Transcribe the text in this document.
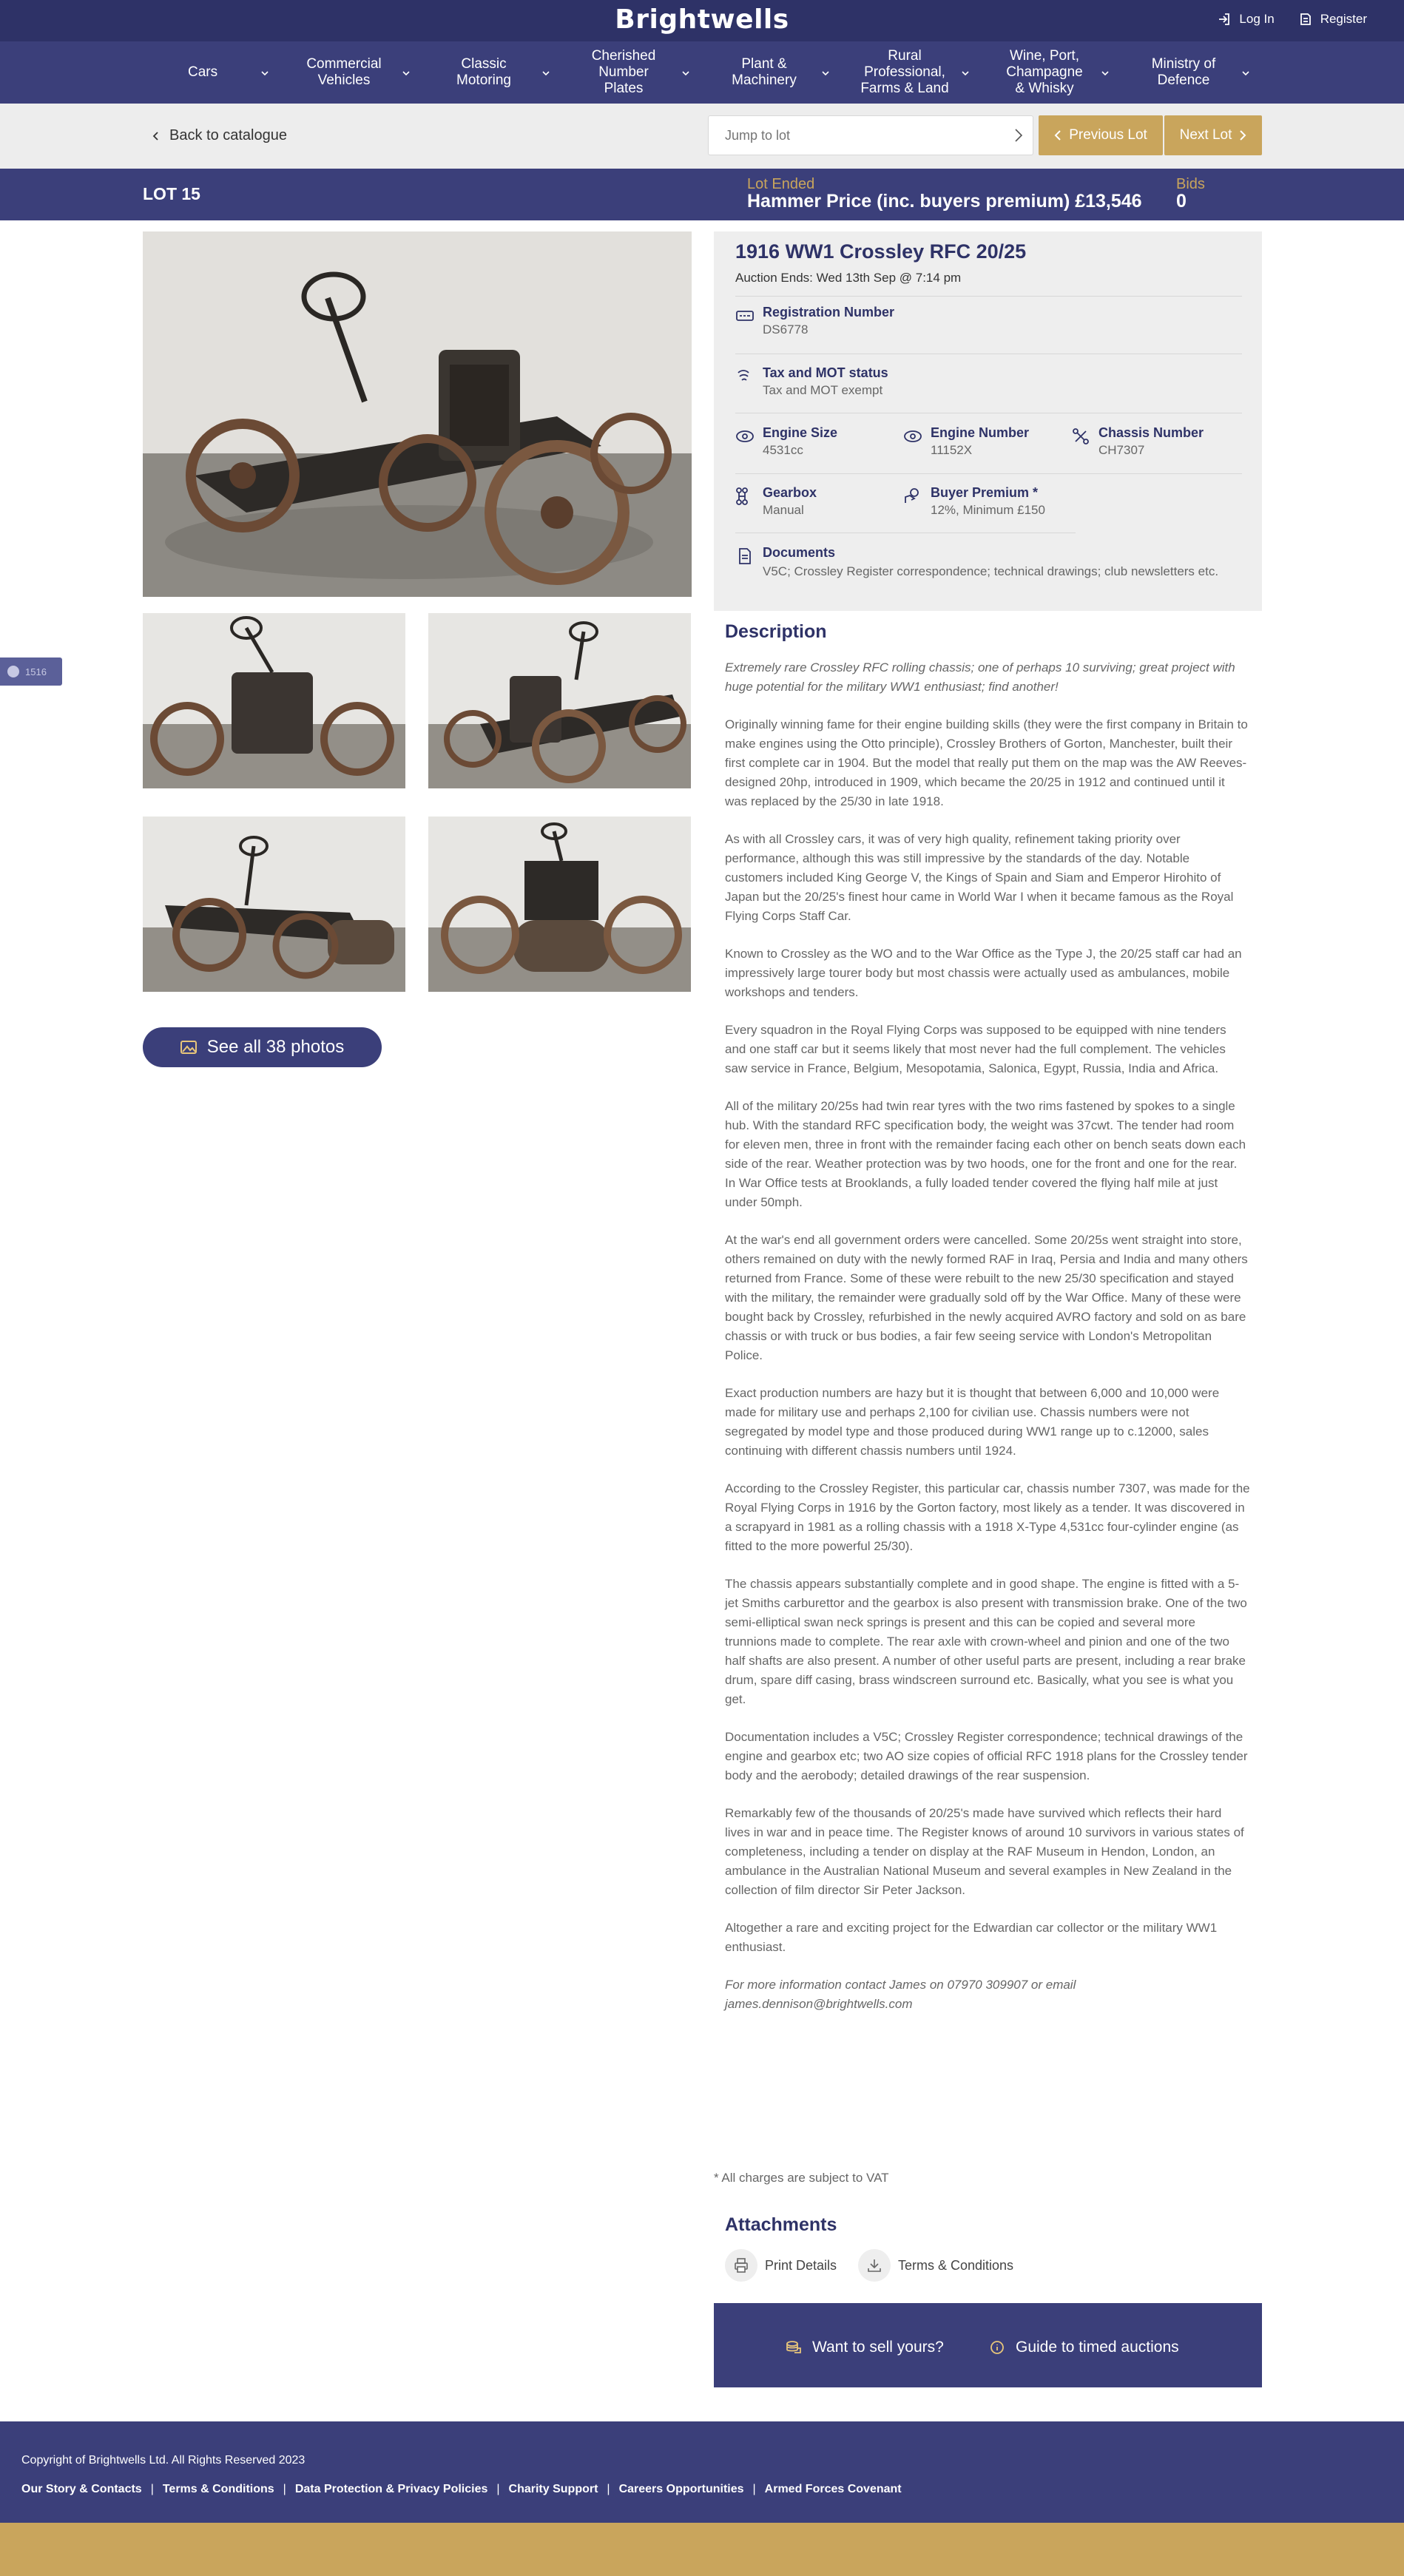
Brightwells	Log In	Register
Cars
Commercial Vehicles
Classic Motoring
Cherished Number Plates
Plant & Machinery
Rural Professional, Farms & Land
Wine, Port, Champagne & Whisky
Ministry of Defence
Back to catalogue
Jump to lot	Previous Lot Next Lot
LOT 15	Lot Ended
Hammer Price (inc. buyers premium) £13,546
Bids
0
See all 38 photos
1516
1916 WW1 Crossley RFC 20/25
Auction Ends: Wed 13th Sep @ 7:14 pm
Registration Number
DS6778
Tax and MOT status
Tax and MOT exempt
Engine Size
4531cc
Engine Number
11152X
Chassis Number
CH7307
Gearbox
Manual
Buyer Premium *
12%, Minimum £150
Documents
V5C; Crossley Register correspondence; technical drawings; club newsletters etc.
Description

Extremely rare Crossley RFC rolling chassis; one of perhaps 10 surviving; great project with huge potential for the military WW1 enthusiast; find another!

Originally winning fame for their engine building skills (they were the first company in Britain to make engines using the Otto principle), Crossley Brothers of Gorton, Manchester, built their first complete car in 1904. But the model that really put them on the map was the AW Reeves-designed 20hp, introduced in 1909, which became the 20/25 in 1912 and continued until it was replaced by the 25/30 in late 1918.

As with all Crossley cars, it was of very high quality, refinement taking priority over performance, although this was still impressive by the standards of the day. Notable customers included King George V, the Kings of Spain and Siam and Emperor Hirohito of Japan but the 20/25's finest hour came in World War I when it became famous as the Royal Flying Corps Staff Car.

Known to Crossley as the WO and to the War Office as the Type J, the 20/25 staff car had an impressively large tourer body but most chassis were actually used as ambulances, mobile workshops and tenders.

Every squadron in the Royal Flying Corps was supposed to be equipped with nine tenders and one staff car but it seems likely that most never had the full complement. The vehicles saw service in France, Belgium, Mesopotamia, Salonica, Egypt, Russia, India and Africa.

All of the military 20/25s had twin rear tyres with the two rims fastened by spokes to a single hub. With the standard RFC specification body, the weight was 37cwt. The tender had room for eleven men, three in front with the remainder facing each other on bench seats down each side of the rear. Weather protection was by two hoods, one for the front and one for the rear. In War Office tests at Brooklands, a fully loaded tender covered the flying half mile at just under 50mph.

At the war's end all government orders were cancelled. Some 20/25s went straight into store, others remained on duty with the newly formed RAF in Iraq, Persia and India and many others returned from France. Some of these were rebuilt to the new 25/30 specification and stayed with the military, the remainder were gradually sold off by the War Office. Many of these were bought back by Crossley, refurbished in the newly acquired AVRO factory and sold on as bare chassis or with truck or bus bodies, a fair few seeing service with London's Metropolitan Police.

Exact production numbers are hazy but it is thought that between 6,000 and 10,000 were made for military use and perhaps 2,100 for civilian use. Chassis numbers were not segregated by model type and those produced during WW1 range up to c.12000, sales continuing with different chassis numbers until 1924.

According to the Crossley Register, this particular car, chassis number 7307, was made for the Royal Flying Corps in 1916 by the Gorton factory, most likely as a tender. It was discovered in a scrapyard in 1981 as a rolling chassis with a 1918 X-Type 4,531cc four-cylinder engine (as fitted to the more powerful 25/30).

The chassis appears substantially complete and in good shape. The engine is fitted with a 5-jet Smiths carburettor and the gearbox is also present with transmission brake. One of the two semi-elliptical swan neck springs is present and this can be copied and several more trunnions made to complete. The rear axle with crown-wheel and pinion and one of the two half shafts are also present. A number of other useful parts are present, including a rear brake drum, spare diff casing, brass windscreen surround etc. Basically, what you see is what you get.

Documentation includes a V5C; Crossley Register correspondence; technical drawings of the engine and gearbox etc; two AO size copies of official RFC 1918 plans for the Crossley tender body and the aerobody; detailed drawings of the rear suspension.

Remarkably few of the thousands of 20/25's made have survived which reflects their hard lives in war and in peace time. The Register knows of around 10 survivors in various states of completeness, including a tender on display at the RAF Museum in Hendon, London, an ambulance in the Australian National Museum and several examples in New Zealand in the collection of film director Sir Peter Jackson.

Altogether a rare and exciting project for the Edwardian car collector or the military WW1 enthusiast.

For more information contact James on 07970 309907 or email james.dennison@brightwells.com

* All charges are subject to VAT
Attachments
Print Details	Terms & Conditions
Want to sell yours?	Guide to timed auctions
Copyright of Brightwells Ltd. All Rights Reserved 2023
Our Story & Contacts | Terms & Conditions | Data Protection & Privacy Policies | Charity Support | Careers Opportunities | Armed Forces Covenant
